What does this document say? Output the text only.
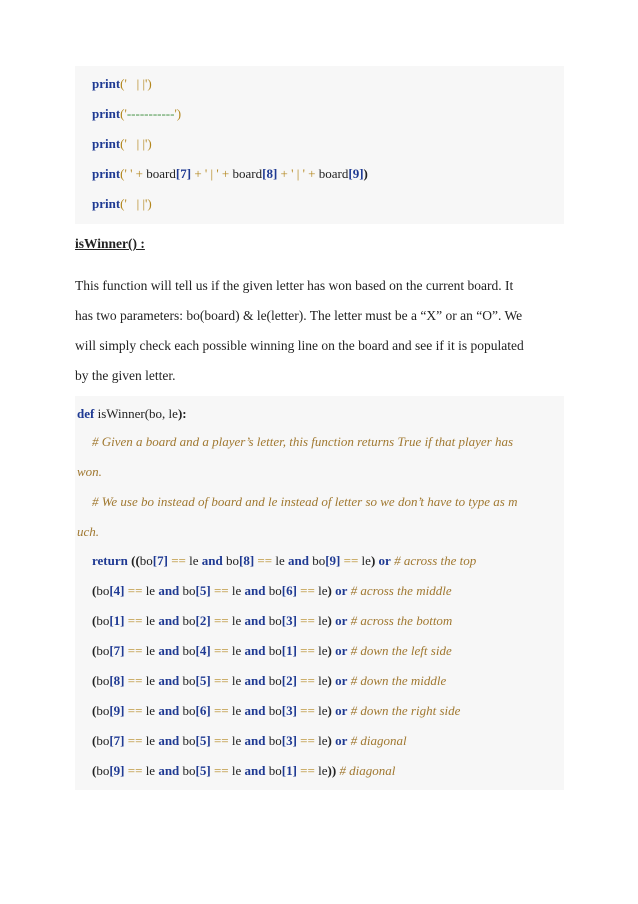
print('   | |')
print('-----------')
print('   | |')
print(' ' + board[7] + ' | ' + board[8] + ' | ' + board[9])
print('   | |')
isWinner() :
This function will tell us if the given letter has won based on the current board. It
has two parameters: bo(board) & le(letter). The letter must be a “X” or an “O”. We
will simply check each possible winning line on the board and see if it is populated
by the given letter.
def isWinner(bo, le):
# Given a board and a player’s letter, this function returns True if that player has
won.
# We use bo instead of board and le instead of letter so we don’t have to type as m
uch.
return ((bo[7] == le and bo[8] == le and bo[9] == le) or # across the top
(bo[4] == le and bo[5] == le and bo[6] == le) or # across the middle
(bo[1] == le and bo[2] == le and bo[3] == le) or # across the bottom
(bo[7] == le and bo[4] == le and bo[1] == le) or # down the left side
(bo[8] == le and bo[5] == le and bo[2] == le) or # down the middle
(bo[9] == le and bo[6] == le and bo[3] == le) or # down the right side
(bo[7] == le and bo[5] == le and bo[3] == le) or # diagonal
(bo[9] == le and bo[5] == le and bo[1] == le)) # diagonal
